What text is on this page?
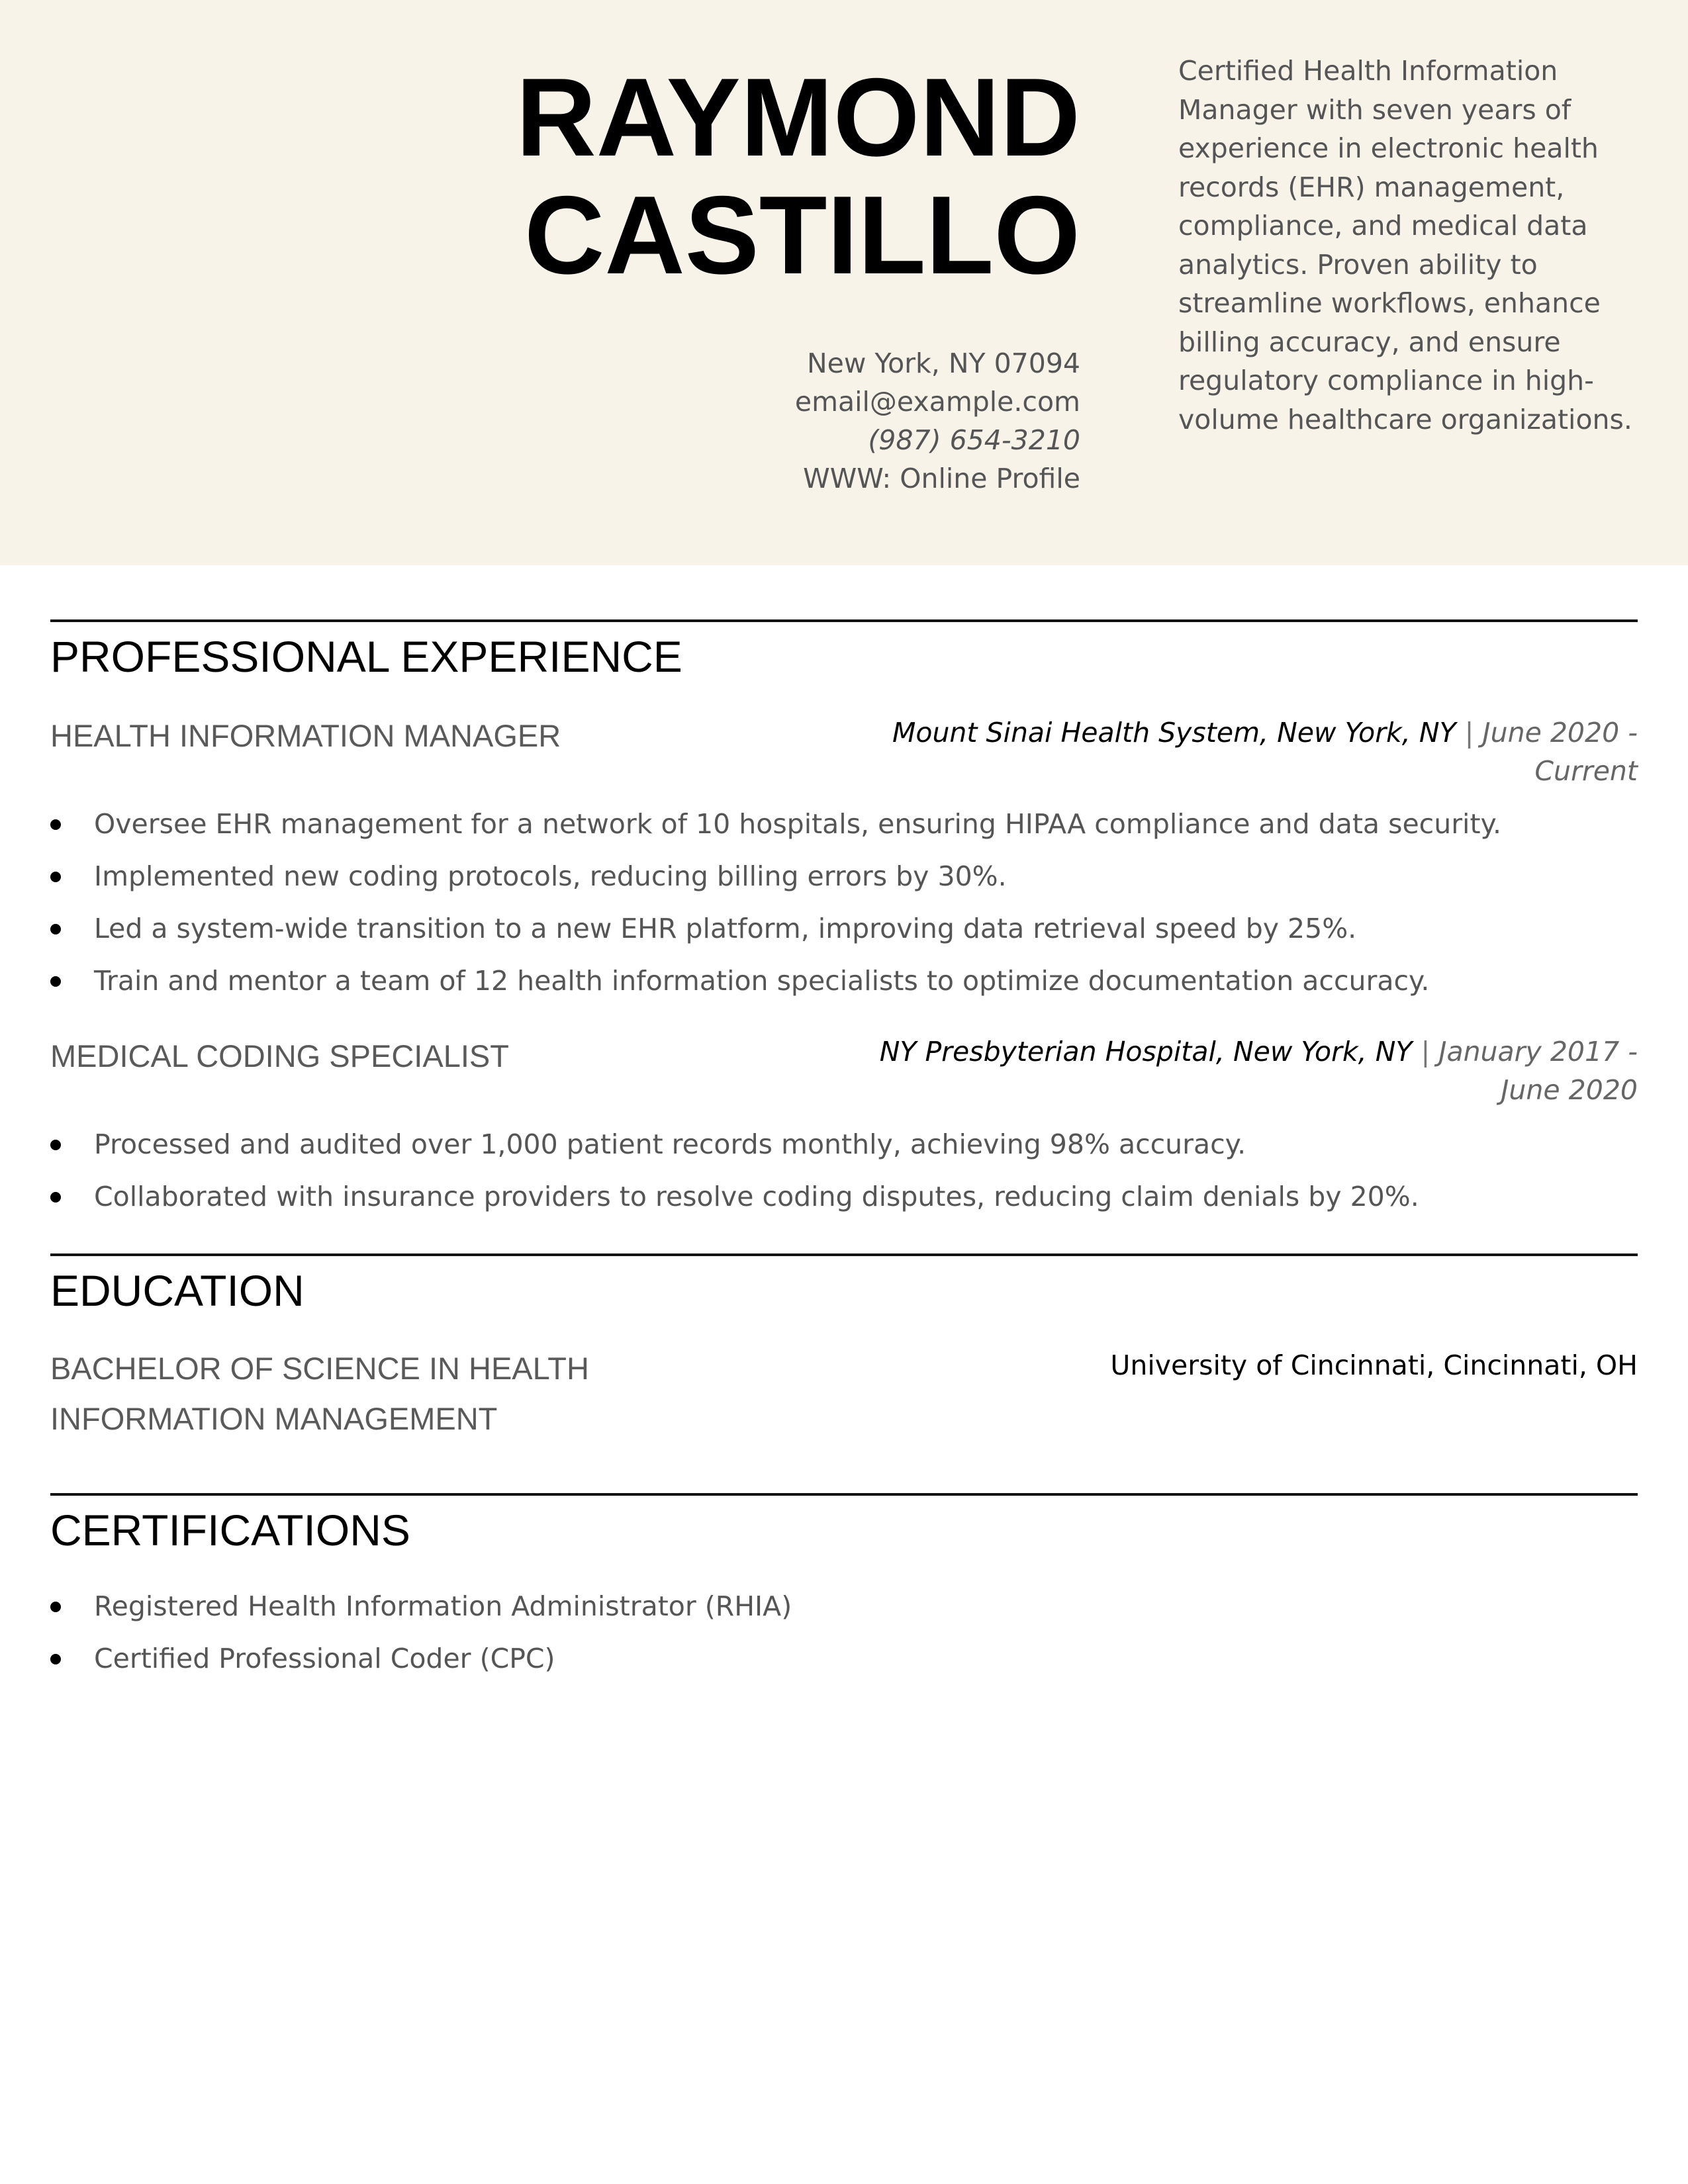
RAYMOND
CASTILLO
New York, NY 07094
email@example.com
(987) 654-3210
WWW: Online Profile
Certified Health Information Manager with seven years of experience in electronic health records (EHR) management, compliance, and medical data analytics. Proven ability to streamline workflows, enhance billing accuracy, and ensure regulatory compliance in high-volume healthcare organizations.
PROFESSIONAL EXPERIENCE
HEALTH INFORMATION MANAGER	Mount Sinai Health System, New York, NY | June 2020 - Current
Oversee EHR management for a network of 10 hospitals, ensuring HIPAA compliance and data security.
Implemented new coding protocols, reducing billing errors by 30%.
Led a system-wide transition to a new EHR platform, improving data retrieval speed by 25%.
Train and mentor a team of 12 health information specialists to optimize documentation accuracy.
MEDICAL CODING SPECIALIST	NY Presbyterian Hospital, New York, NY | January 2017 - June 2020
Processed and audited over 1,000 patient records monthly, achieving 98% accuracy.
Collaborated with insurance providers to resolve coding disputes, reducing claim denials by 20%.
EDUCATION
BACHELOR OF SCIENCE IN HEALTH INFORMATION MANAGEMENT
University of Cincinnati, Cincinnati, OH
CERTIFICATIONS
Registered Health Information Administrator (RHIA)
Certified Professional Coder (CPC)
